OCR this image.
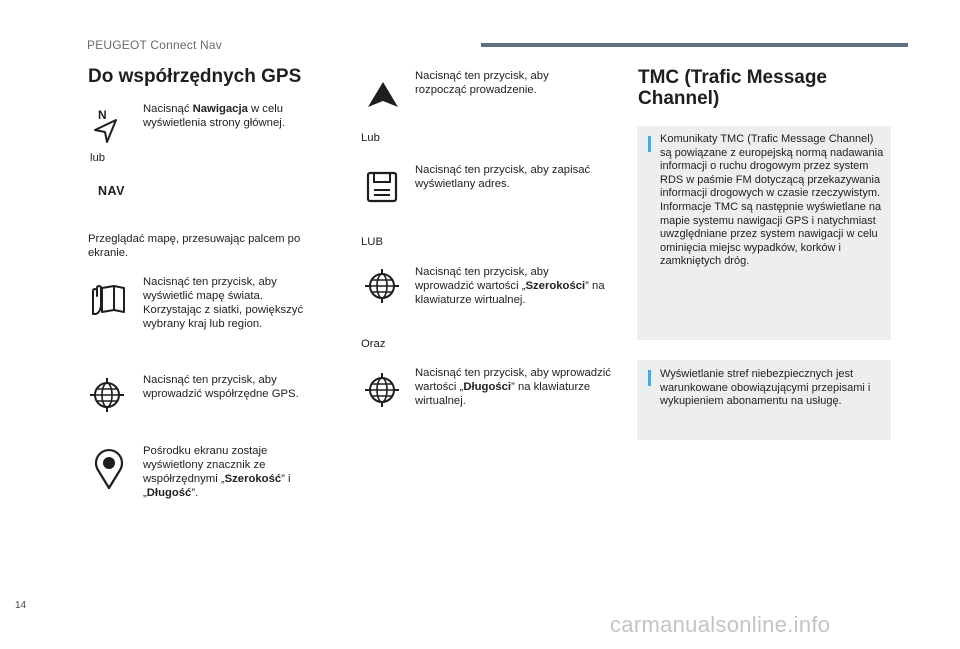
PEUGEOT Connect Nav
Do współrzędnych GPS
N	Nacisnąć Nawigacja w celu wyświetlenia strony głównej.
lub
NAV
Przeglądać mapę, przesuwając palcem po ekranie.
Nacisnąć ten przycisk, aby wyświetlić mapę świata. Korzystając z siatki, powiększyć wybrany kraj lub region.
Nacisnąć ten przycisk, aby wprowadzić współrzędne GPS.
Pośrodku ekranu zostaje wyświetlony znacznik ze współrzędnymi „Szerokość” i „Długość”.
Nacisnąć ten przycisk, aby rozpocząć prowadzenie.
Lub
Nacisnąć ten przycisk, aby zapisać wyświetlany adres.
LUB
Nacisnąć ten przycisk, aby wprowadzić wartości „Szerokości” na klawiaturze wirtualnej.
Oraz
Nacisnąć ten przycisk, aby wprowadzić wartości „Długości” na klawiaturze wirtualnej.
TMC (Trafic Message Channel)
Komunikaty TMC (Trafic Message Channel) są powiązane z europejską normą nadawania informacji o ruchu drogowym przez system RDS w paśmie FM dotyczącą przekazywania informacji drogowych w czasie rzeczywistym. Informacje TMC są następnie wyświetlane na mapie systemu nawigacji GPS i natychmiast uwzględniane przez system nawigacji w celu ominięcia miejsc wypadków, korków i zamkniętych dróg.
Wyświetlanie stref niebezpiecznych jest warunkowane obowiązującymi przepisami i wykupieniem abonamentu na usługę.
14
carmanualsonline.info
